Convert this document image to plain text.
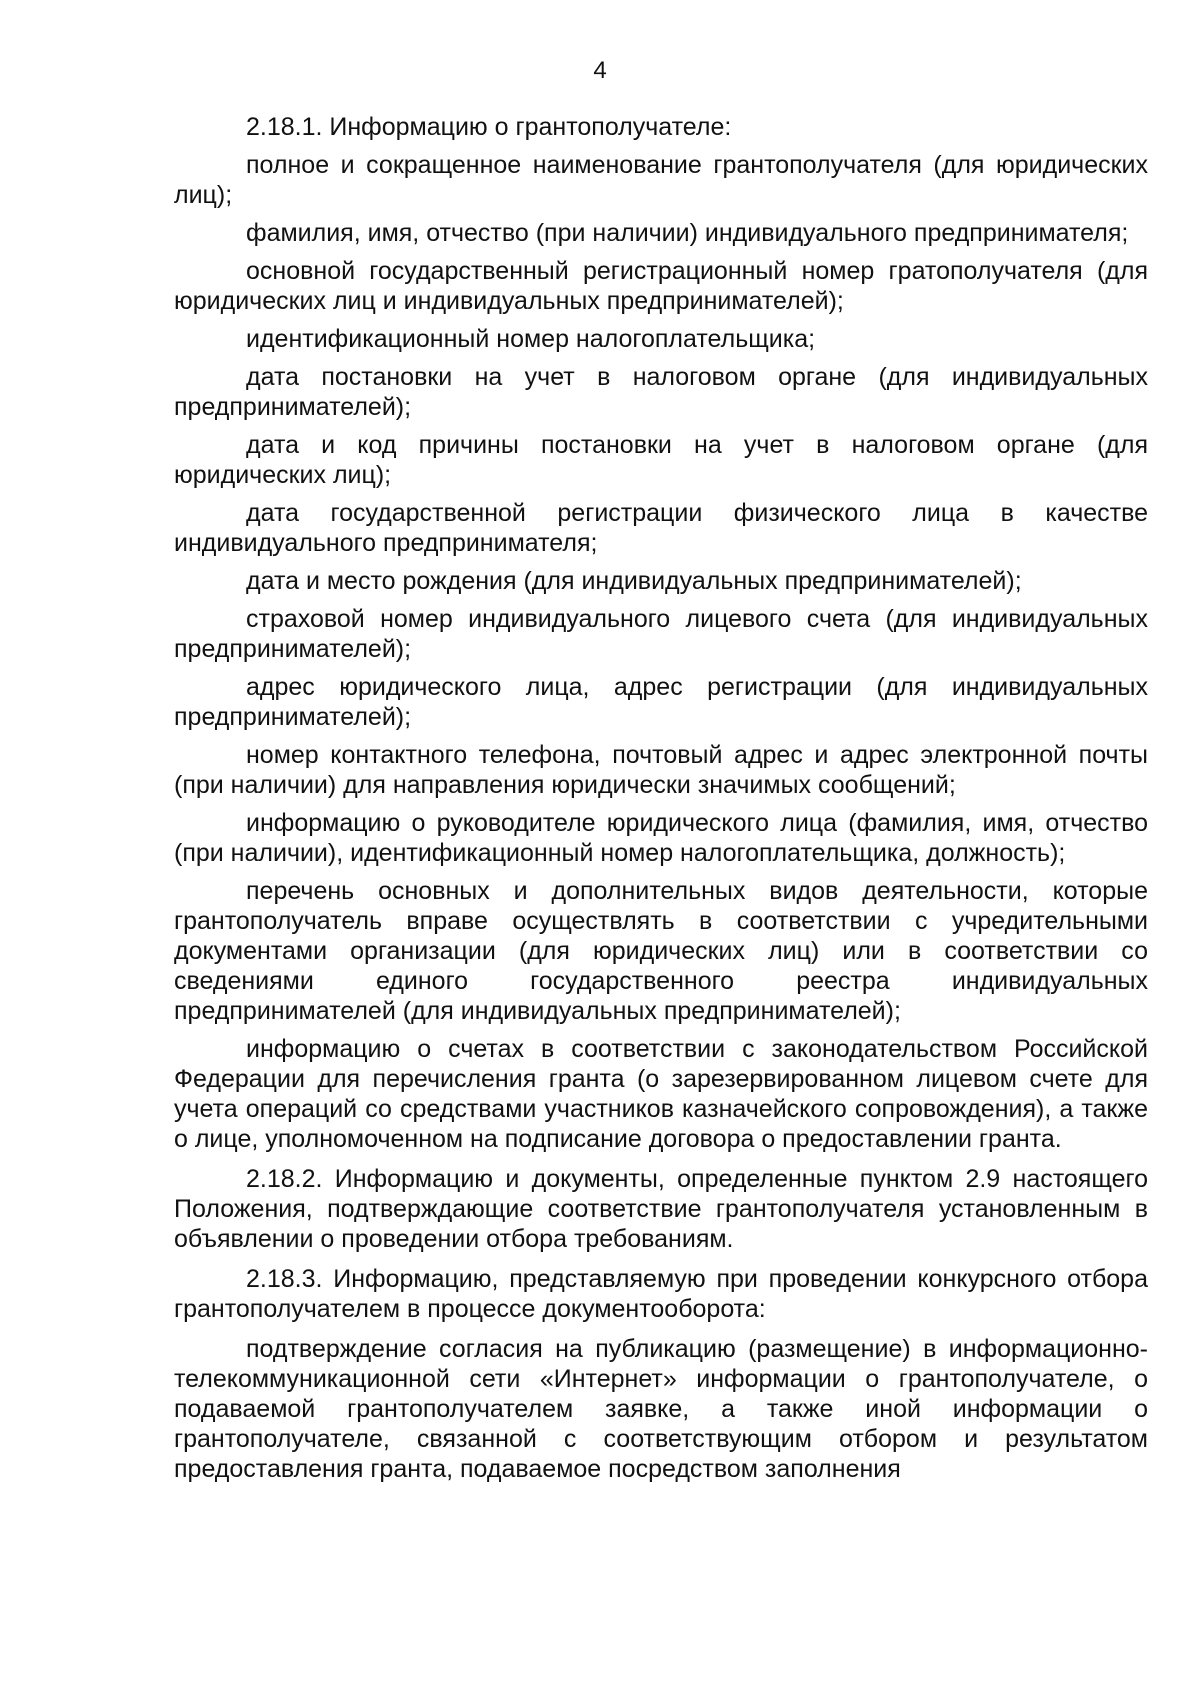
4

2.18.1. Информацию о грантополучателе:

полное и сокращенное наименование грантополучателя (для юридических лиц);

фамилия, имя, отчество (при наличии) индивидуального предпринимателя;

основной государственный регистрационный номер гратополучателя (для юридических лиц и индивидуальных предпринимателей);

идентификационный номер налогоплательщика;

дата постановки на учет в налоговом органе (для индивидуальных предпринимателей);

дата и код причины постановки на учет в налоговом органе (для юридических лиц);

дата государственной регистрации физического лица в качестве индивидуального предпринимателя;

дата и место рождения (для индивидуальных предпринимателей);

страховой номер индивидуального лицевого счета (для индивидуальных предпринимателей);

адрес юридического лица, адрес регистрации (для индивидуальных предпринимателей);

номер контактного телефона, почтовый адрес и адрес электронной почты (при наличии) для направления юридически значимых сообщений;

информацию о руководителе юридического лица (фамилия, имя, отчество (при наличии), идентификационный номер налогоплательщика, должность);

перечень основных и дополнительных видов деятельности, которые грантополучатель вправе осуществлять в соответствии с учредительными документами организации (для юридических лиц) или в соответствии со сведениями единого государственного реестра индивидуальных предпринимателей (для индивидуальных предпринимателей);

информацию о счетах в соответствии с законодательством Российской Федерации для перечисления гранта (о зарезервированном лицевом счете для учета операций со средствами участников казначейского сопровождения), а также о лице, уполномоченном на подписание договора о предоставлении гранта.

2.18.2. Информацию и документы, определенные пунктом 2.9 настоящего Положения, подтверждающие соответствие грантополучателя установленным в объявлении о проведении отбора требованиям.

2.18.3. Информацию, представляемую при проведении конкурсного отбора грантополучателем в процессе документооборота:

подтверждение согласия на публикацию (размещение) в информационно-телекоммуникационной сети «Интернет» информации о грантополучателе, о подаваемой грантополучателем заявке, а также иной информации о грантополучателе, связанной с соответствующим отбором и результатом предоставления гранта, подаваемое посредством заполнения
